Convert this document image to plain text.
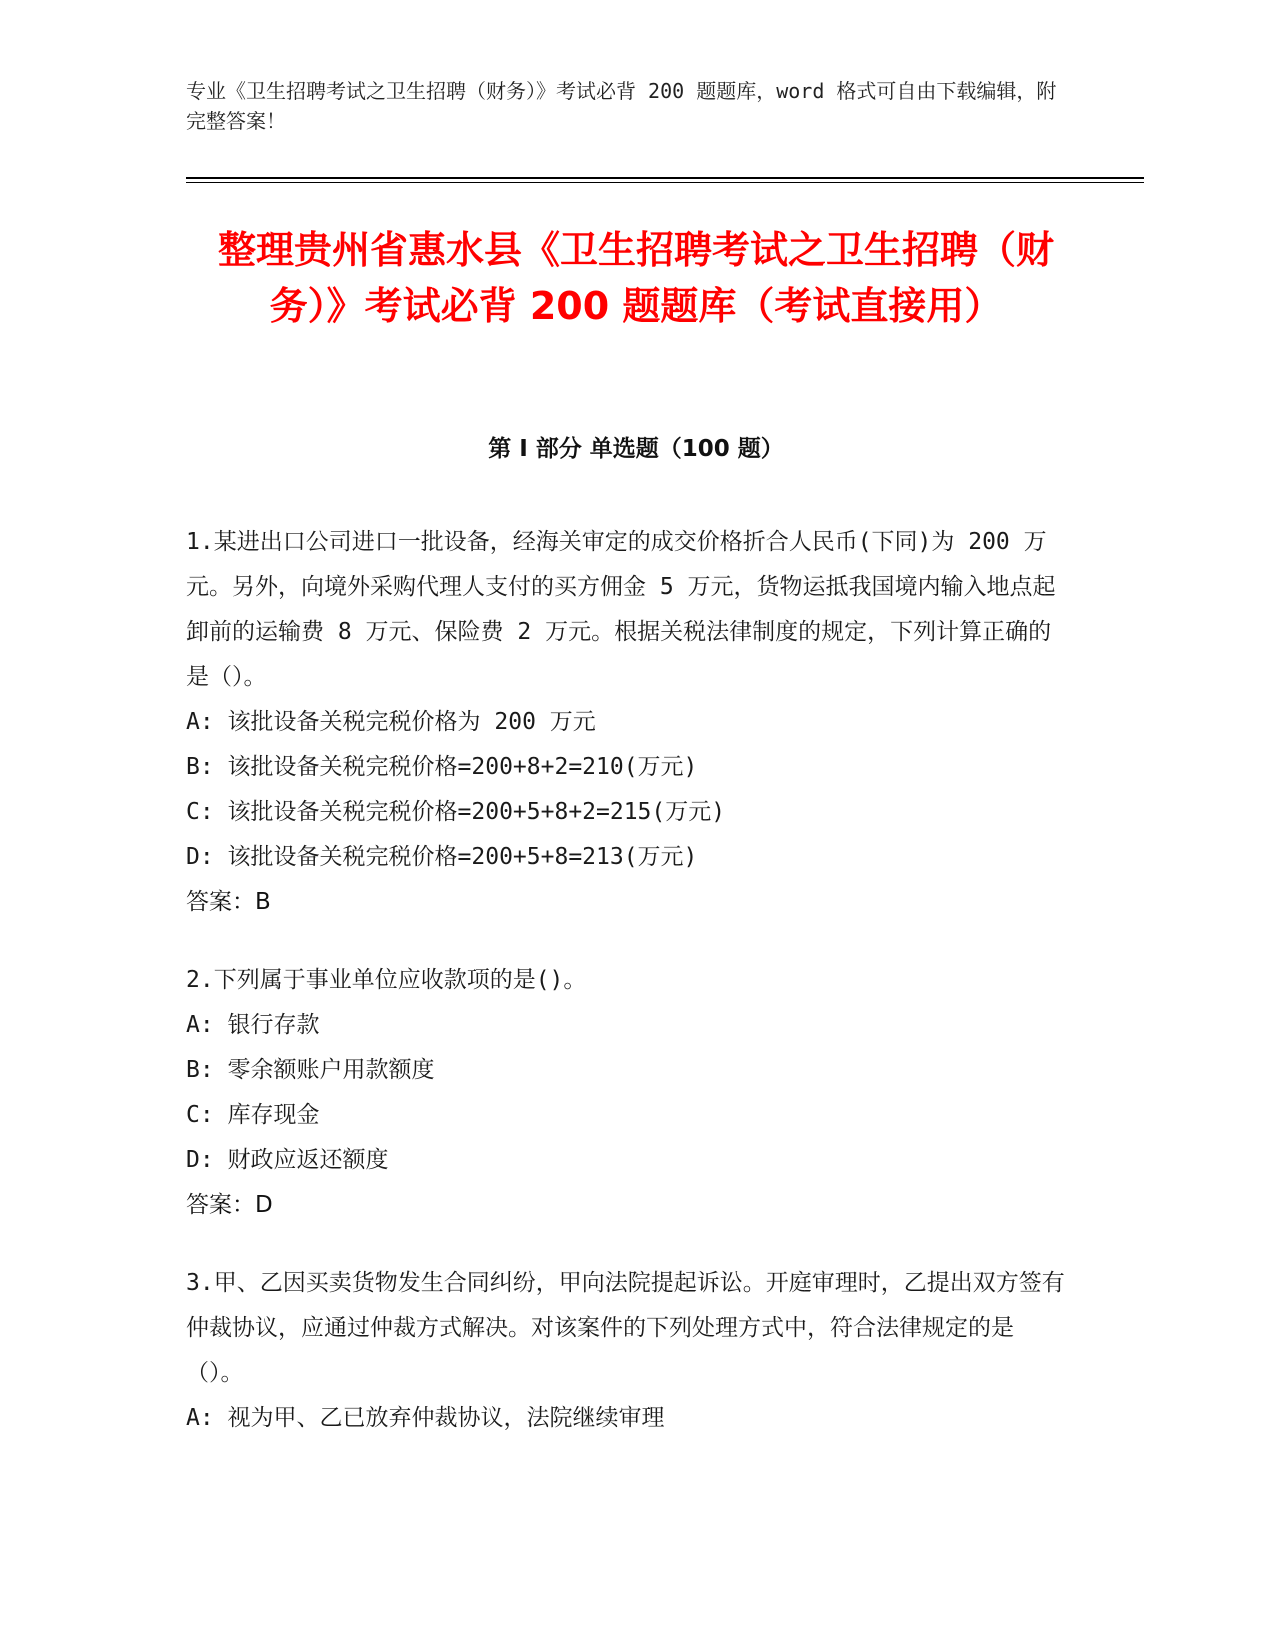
专业《卫生招聘考试之卫生招聘（财务）》考试必背 200 题题库，word 格式可自由下载编辑，附完整答案！
整理贵州省惠水县《卫生招聘考试之卫生招聘（财务）》考试必背 200 题题库（考试直接用）
第 I 部分 单选题（100 题）
1.某进出口公司进口一批设备，经海关审定的成交价格折合人民币(下同)为 200 万元。另外，向境外采购代理人支付的买方佣金 5 万元，货物运抵我国境内输入地点起卸前的运输费 8 万元、保险费 2 万元。根据关税法律制度的规定，下列计算正确的是（）。
A: 该批设备关税完税价格为 200 万元
B: 该批设备关税完税价格=200+8+2=210(万元)
C: 该批设备关税完税价格=200+5+8+2=215(万元)
D: 该批设备关税完税价格=200+5+8=213(万元)
答案：B
2.下列属于事业单位应收款项的是()。
A: 银行存款
B: 零余额账户用款额度
C: 库存现金
D: 财政应返还额度
答案：D
3.甲、乙因买卖货物发生合同纠纷，甲向法院提起诉讼。开庭审理时，乙提出双方签有仲裁协议，应通过仲裁方式解决。对该案件的下列处理方式中，符合法律规定的是（）。
A: 视为甲、乙已放弃仲裁协议，法院继续审理
